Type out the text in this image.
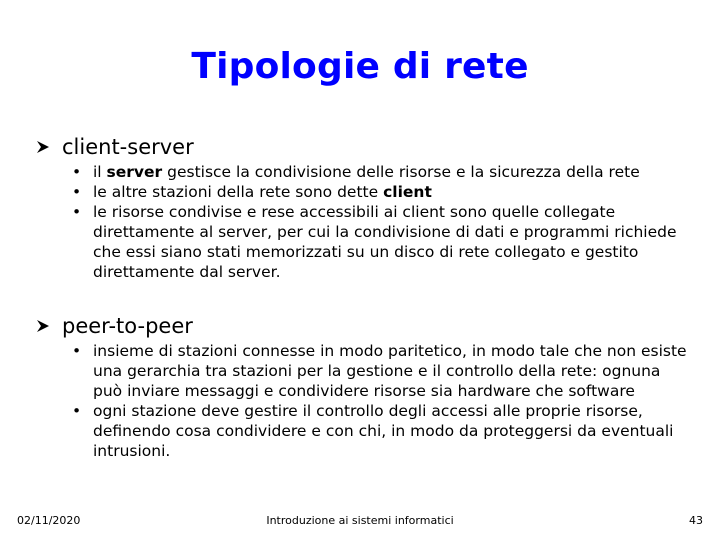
Tipologie di rete
client-server
• il server gestisce la condivisione delle risorse e la sicurezza della rete
• le altre stazioni della rete sono dette client
• le risorse condivise e rese accessibili ai client sono quelle collegate direttamente al server, per cui la condivisione di dati e programmi richiede che essi siano stati memorizzati su un disco di rete collegato e gestito direttamente dal server.
peer-to-peer
• insieme di stazioni connesse in modo paritetico, in modo tale che non esiste una gerarchia tra stazioni per la gestione e il controllo della rete: ognuna può inviare messaggi e condividere risorse sia hardware che software
• ogni stazione deve gestire il controllo degli accessi alle proprie risorse, definendo cosa condividere e con chi, in modo da proteggersi da eventuali intrusioni.
02/11/2020	Introduzione ai sistemi informatici	43
